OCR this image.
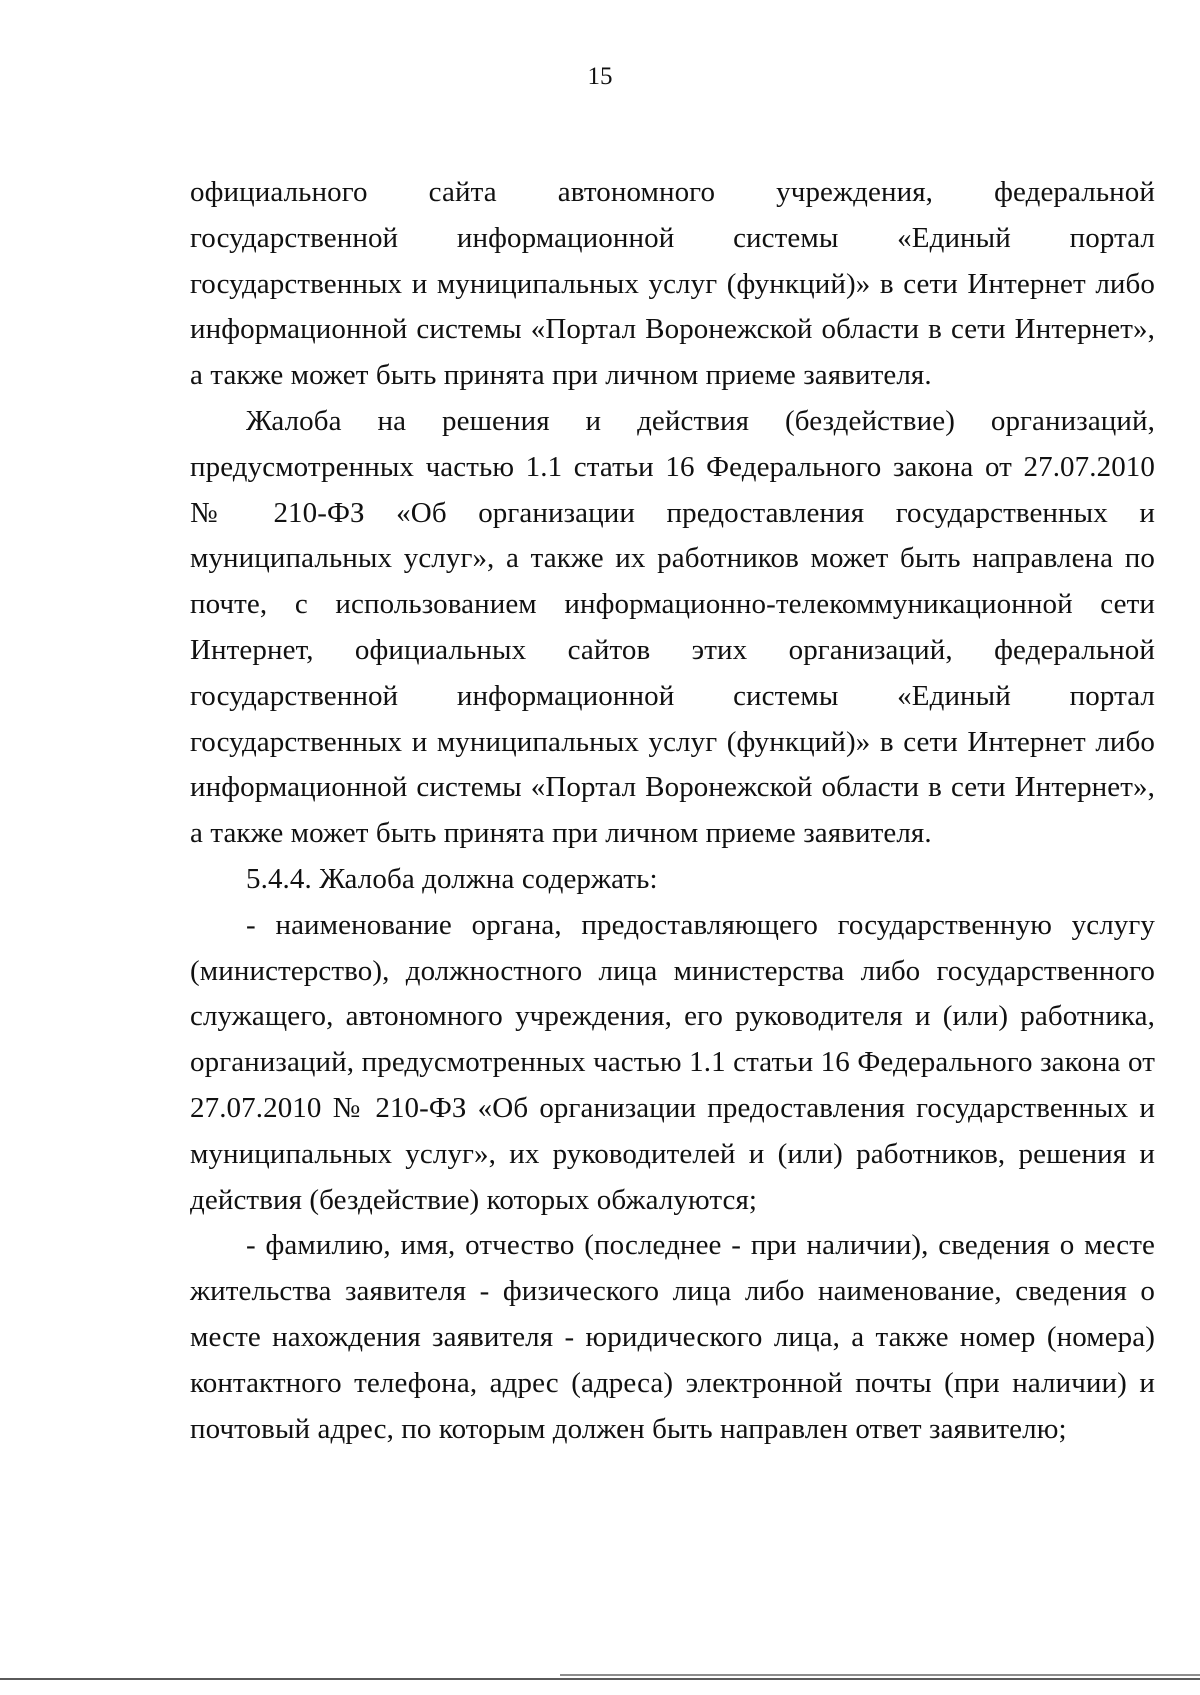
15

официального сайта автономного учреждения, федеральной государственной информационной системы «Единый портал государственных и муниципальных услуг (функций)» в сети Интернет либо информационной системы «Портал Воронежской области в сети Интернет», а также может быть принята при личном приеме заявителя.

Жалоба на решения и действия (бездействие) организаций, предусмотренных частью 1.1 статьи 16 Федерального закона от 27.07.2010 № 210-ФЗ «Об организации предоставления государственных и муниципальных услуг», а также их работников может быть направлена по почте, с использованием информационно-телекоммуникационной сети Интернет, официальных сайтов этих организаций, федеральной государственной информационной системы «Единый портал государственных и муниципальных услуг (функций)» в сети Интернет либо информационной системы «Портал Воронежской области в сети Интернет», а также может быть принята при личном приеме заявителя.

5.4.4. Жалоба должна содержать:

- наименование органа, предоставляющего государственную услугу (министерство), должностного лица министерства либо государственного служащего, автономного учреждения, его руководителя и (или) работника, организаций, предусмотренных частью 1.1 статьи 16 Федерального закона от 27.07.2010 № 210-ФЗ «Об организации предоставления государственных и муниципальных услуг», их руководителей и (или) работников, решения и действия (бездействие) которых обжалуются;

- фамилию, имя, отчество (последнее - при наличии), сведения о месте жительства заявителя - физического лица либо наименование, сведения о месте нахождения заявителя - юридического лица, а также номер (номера) контактного телефона, адрес (адреса) электронной почты (при наличии) и почтовый адрес, по которым должен быть направлен ответ заявителю;
